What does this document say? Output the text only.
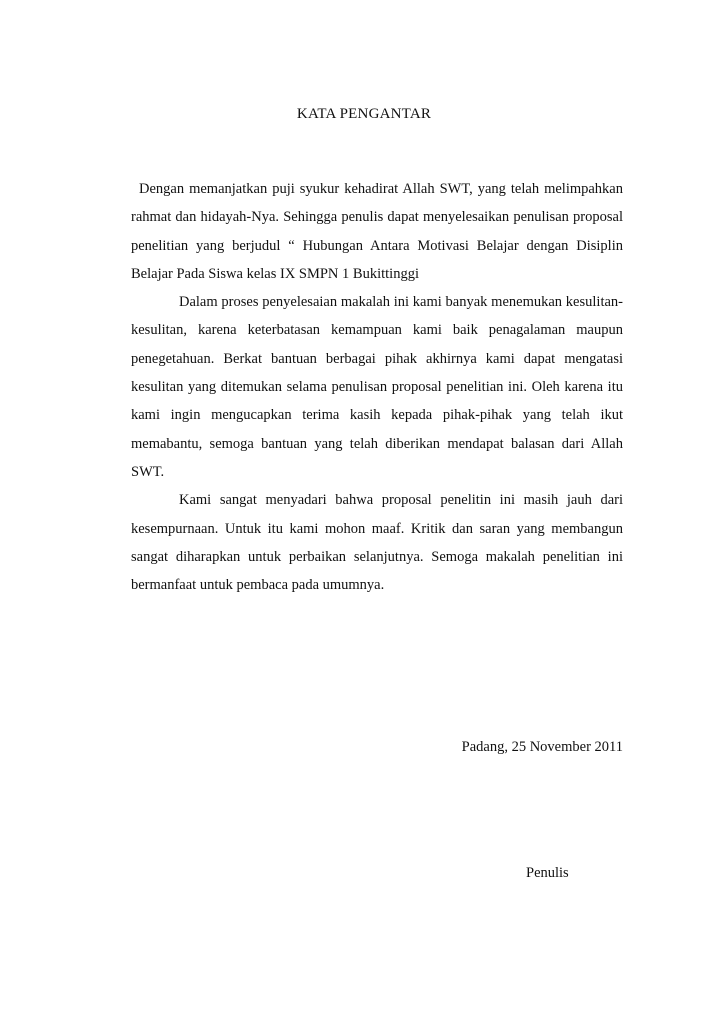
KATA PENGANTAR

Dengan memanjatkan puji syukur kehadirat Allah SWT, yang telah melimpahkan rahmat dan hidayah-Nya. Sehingga penulis dapat menyelesaikan penulisan proposal penelitian yang berjudul “ Hubungan Antara Motivasi Belajar dengan Disiplin Belajar Pada Siswa kelas IX SMPN 1 Bukittinggi

Dalam proses penyelesaian makalah ini kami banyak menemukan kesulitan-kesulitan, karena keterbatasan kemampuan kami baik penagalaman maupun penegetahuan. Berkat bantuan berbagai pihak akhirnya kami dapat mengatasi kesulitan yang ditemukan selama penulisan proposal penelitian ini. Oleh karena itu kami ingin mengucapkan terima kasih kepada pihak-pihak yang telah ikut memabantu, semoga bantuan yang telah diberikan mendapat balasan dari Allah SWT.

Kami sangat menyadari bahwa proposal penelitin ini masih jauh dari kesempurnaan. Untuk itu kami mohon maaf. Kritik dan saran yang membangun sangat diharapkan untuk perbaikan selanjutnya. Semoga makalah penelitian ini bermanfaat untuk pembaca pada umumnya.

Padang, 25 November 2011
Penulis
